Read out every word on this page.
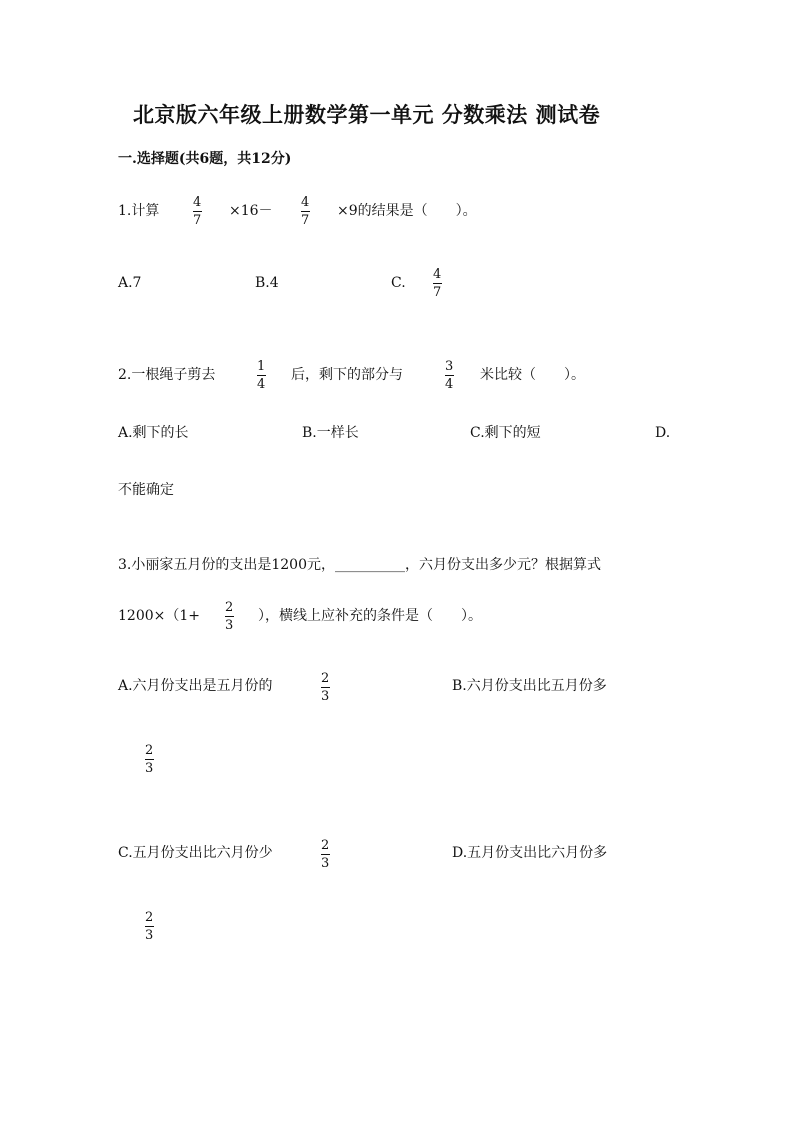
北京版六年级上册数学第一单元 分数乘法 测试卷
一.选择题(共6题，共12分)
1.计算	$\frac{4}{7} \times 16- \frac{4}{7} \times 9$的结果是（　　）。
A.7	B.4	C. $\frac{4}{7}$
2.一根绳子剪去	$\frac{1}{4}$ 后，剩下的部分与	$\frac{3}{4}$ 米比较（　　）。
A.剩下的长	B.一样长	C.剩下的短	D.
不能确定
3.小丽家五月份的支出是1200元，__________，六月份支出多少元？根据算式
$1200\times(1+ \frac{2}{3}$ ），横线上应补充的条件是（　　）。
A.六月份支出是五月份的	$\frac{2}{3}$	B.六月份支出比五月份多
$\frac{2}{3}$
C.五月份支出比六月份少	$\frac{2}{3}$	D.五月份支出比六月份多
$\frac{2}{3}$
